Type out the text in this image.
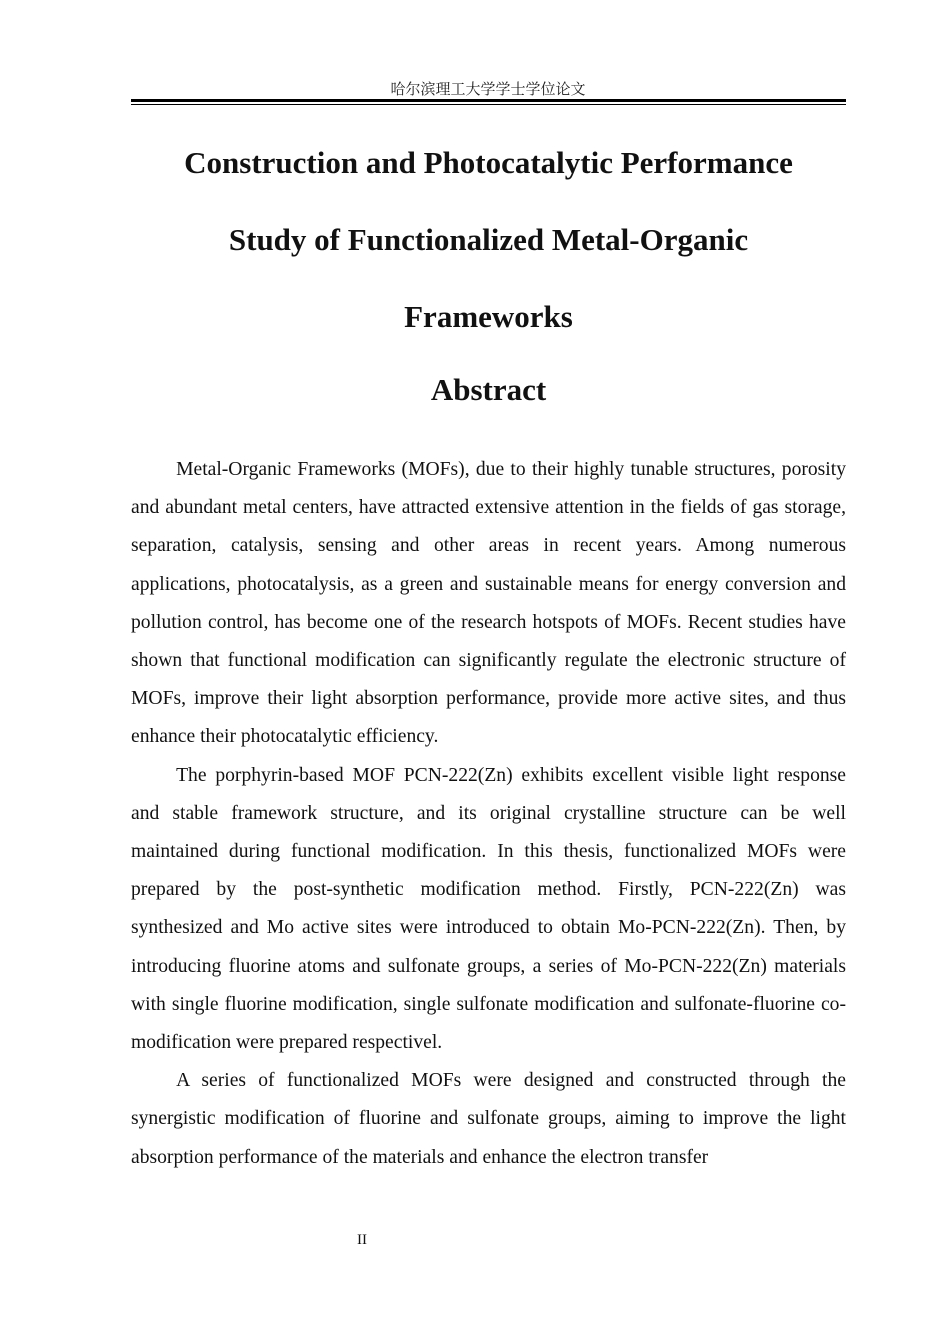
哈尔滨理工大学学士学位论文
Construction and Photocatalytic Performance
Study of Functionalized Metal-Organic
Frameworks
Abstract

Metal-Organic Frameworks (MOFs), due to their highly tunable structures, porosity and abundant metal centers, have attracted extensive attention in the fields of gas storage, separation, catalysis, sensing and other areas in recent years. Among numerous applications, photocatalysis, as a green and sustainable means for energy conversion and pollution control, has become one of the research hotspots of MOFs. Recent studies have shown that functional modification can significantly regulate the electronic structure of MOFs, improve their light absorption performance, provide more active sites, and thus enhance their photocatalytic efficiency.

The porphyrin-based MOF PCN-222(Zn) exhibits excellent visible light response and stable framework structure, and its original crystalline structure can be well maintained during functional modification. In this thesis, functionalized MOFs were prepared by the post-synthetic modification method. Firstly, PCN-222(Zn) was synthesized and Mo active sites were introduced to obtain Mo-PCN-222(Zn). Then, by introducing fluorine atoms and sulfonate groups, a series of Mo-PCN-222(Zn) materials with single fluorine modification, single sulfonate modification and sulfonate-fluorine co-modification were prepared respectivel.

A series of functionalized MOFs were designed and constructed through the synergistic modification of fluorine and sulfonate groups, aiming to improve the light absorption performance of the materials and enhance the electron transfer

II
